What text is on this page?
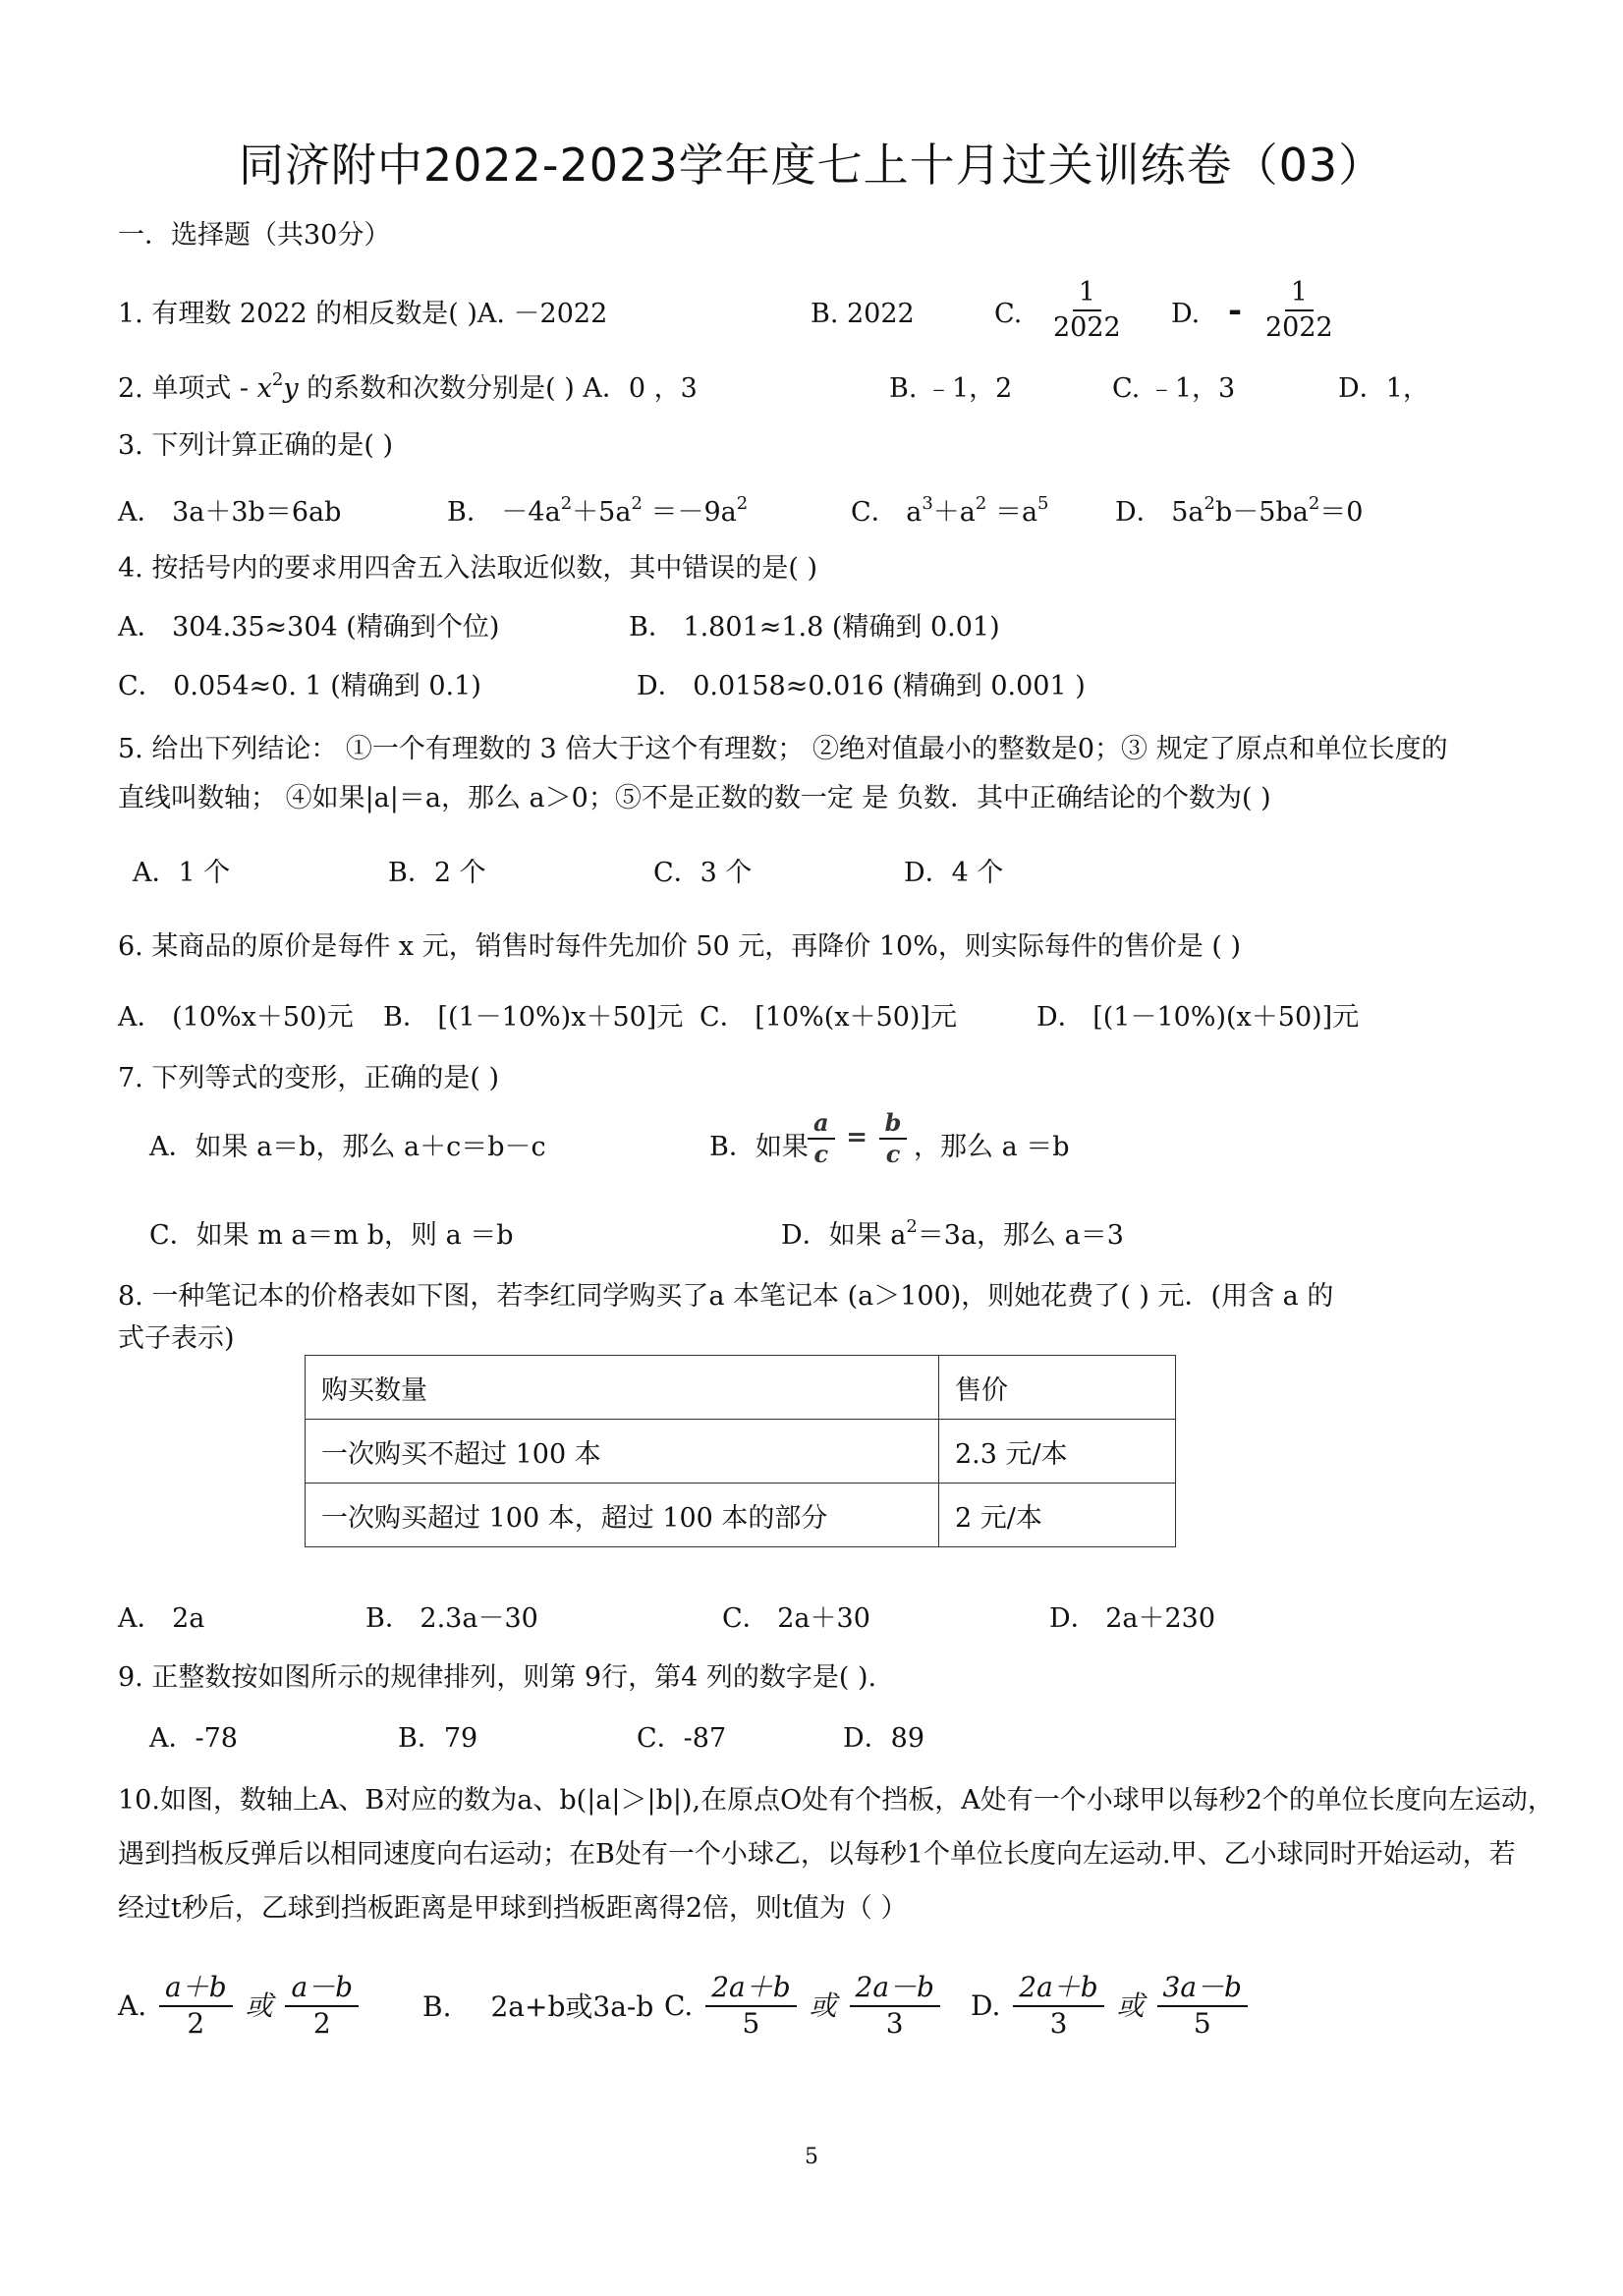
同济附中2022-2023学年度七上十月过关训练卷（03）
一．选择题（共30分）
1. 有理数 2022 的相反数是( )A. －2022	B. 2022	C. $\frac{1}{2022} D$. - $\frac{1}{2022}$
2. 单项式 - $x^2y$ 的系数和次数分别是( ) A．0 ，3	B. ﹣1，2	C. ﹣1，3	D．1，
3. 下列计算正确的是( )
A． 3a＋3b＝6ab	B． $-4a^2+5a^2 =-9a^2$	C． $a^3+a^2 =a^5$	D． $5a^2b-5ba^2=0$
4. 按括号内的要求用四舍五入法取近似数，其中错误的是( )
A． 304.35≈304 (精确到个位)	B． 1.801≈1.8 (精确到 0.01)
C． 0.054≈0. 1 (精确到 0.1)	D． 0.0158≈0.016 (精确到 0.001 )
5. 给出下列结论： ①一个有理数的 3 倍大于这个有理数； ②绝对值最小的整数是0；③ 规定了原点和单位长度的
直线叫数轴； ④如果|a|＝a，那么 a＞0；⑤不是正数的数一定 是 负数．其中正确结论的个数为( )
A．1 个	B．2 个	C．3 个	D．4 个
6. 某商品的原价是每件 x 元，销售时每件先加价 50 元，再降价 10%，则实际每件的售价是 ( )
A． (10%x＋50)元 B． [(1－10%)x＋50]元 C． [10%(x＋50)]元	D． [(1－10%)(x＋50)]元
7. 下列等式的变形，正确的是( )
A．如果 a＝b，那么 a＋c＝b－c	B．如果 $\frac{a}{c} = \frac{b}{c}$ ，那么 a ＝b
C．如果 m a＝m b，则 a ＝b	D．如果 $a^2=3a$，那么 a＝3
8. 一种笔记本的价格表如下图，若李红同学购买了a 本笔记本 (a＞100)，则她花费了( ) 元．(用含 a 的
式子表示)
购买数量	售价
一次购买不超过 100 本	2.3 元/本
一次购买超过 100 本，超过 100 本的部分	2 元/本
A． 2a	B． 2.3a－30	C． 2a＋30	D． 2a＋230
9. 正整数按如图所示的规律排列，则第 9行，第4 列的数字是( ).
A．-78	B．79	C．-87	D．89
10.如图，数轴上A、B对应的数为a、b(|a|＞|b|),在原点O处有个挡板，A处有一个小球甲以每秒2个的单位长度向左运动，
遇到挡板反弹后以相同速度向右运动；在B处有一个小球乙，以每秒1个单位长度向左运动.甲、乙小球同时开始运动，若
经过t秒后，乙球到挡板距离是甲球到挡板距离得2倍，则t值为（ ）
A. $\frac{a+b}{2}$ 或 $\frac{a-b}{2} B$. 2a+b或3a-b C. $\frac{2a+b}{5}$ 或 $\frac{2a-b}{3} D$. $\frac{2a+b}{3}$ 或 $\frac{3a-b}{5}$
5
